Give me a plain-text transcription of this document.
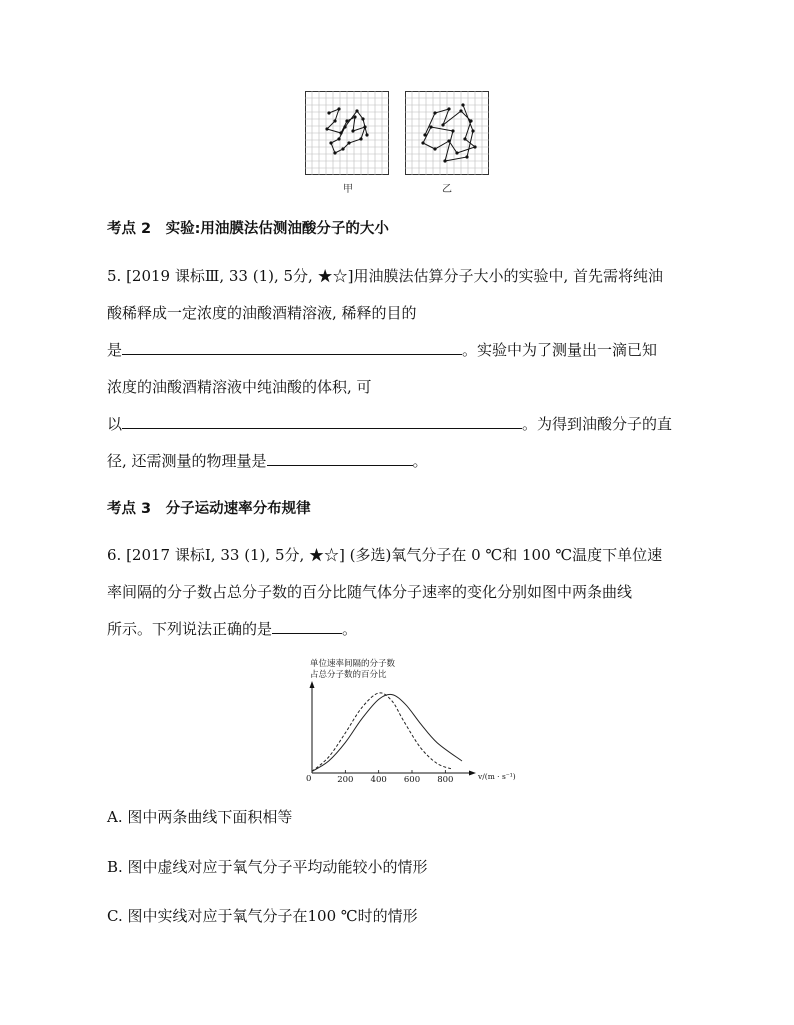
甲	乙
考点 2　实验:用油膜法估测油酸分子的大小
5. [2019 课标Ⅲ, 33 (1), 5分, ★☆]用油膜法估算分子大小的实验中, 首先需将纯油
酸稀释成一定浓度的油酸酒精溶液, 稀释的目的
是	。实验中为了测量出一滴已知
浓度的油酸酒精溶液中纯油酸的体积, 可
以	。为得到油酸分子的直
径, 还需测量的物理量是	。
考点 3　分子运动速率分布规律
6. [2017 课标Ⅰ, 33 (1), 5分, ★☆] (多选)氧气分子在 0 ℃和 100 ℃温度下单位速
率间隔的分子数占总分子数的百分比随气体分子速率的变化分别如图中两条曲线
所示。下列说法正确的是	。
单位速率间隔的分子数
占总分子数的百分比
0	v/(m · s⁻¹)
200 400 600 800
A. 图中两条曲线下面积相等
B. 图中虚线对应于氧气分子平均动能较小的情形
C. 图中实线对应于氧气分子在100 ℃时的情形
